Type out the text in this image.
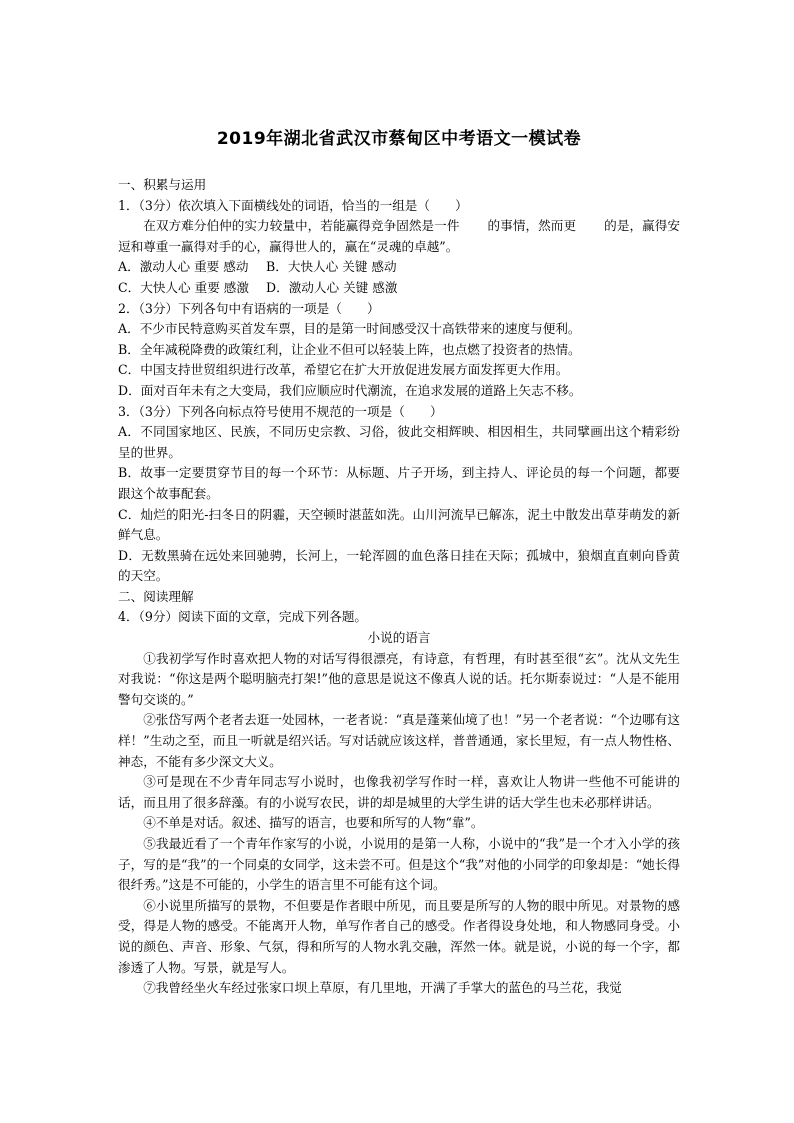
2019年湖北省武汉市蔡甸区中考语文一模试卷

一、积累与运用

1．（3分）依次填入下面横线处的词语，恰当的一组是（　　）

在双方难分伯仲的实力较量中，若能赢得竞争固然是一件 的事情，然而更 的是，赢得安逗和尊重一赢得对手的心，赢得世人的，赢在“灵魂的卓越”。

A．激动人心 重要 感动	B．大快人心 关键 感动

C．大快人心 重要 感激	D．激动人心 关键 感激

2．（3分）下列各句中有语病的一项是（　　）

A．不少市民特意购买首发车票，目的是第一时间感受汉十高铁带来的速度与便利。

B．全年减税降费的政策红利，让企业不但可以轻装上阵，也点燃了投资者的热情。

C．中国支持世贸组织进行改革，希望它在扩大开放促进发展方面发挥更大作用。

D．面对百年未有之大变局，我们应顺应时代潮流，在追求发展的道路上矢志不移。

3．（3分）下列各向标点符号使用不规范的一项是（　　）

A．不同国家地区、民族，不同历史宗教、习俗，彼此交相辉映、相因相生，共同擘画出这个精彩纷呈的世界。

B．故事一定要贯穿节目的每一个环节：从标题、片子开场，到主持人、评论员的每一个问题，都要跟这个故事配套。

C．灿烂的阳光-扫冬日的阴霾，天空顿时湛蓝如洗。山川河流早已解冻，泥土中散发出草芽萌发的新鲜气息。

D．无数黑骑在远处来回驰骋，长河上，一轮浑圆的血色落日挂在天际；孤城中，狼烟直直刺向昏黄的天空。

二、阅读理解

4．（9分）阅读下面的文章，完成下列各题。

小说的语言

①我初学写作时喜欢把人物的对话写得很漂亮，有诗意，有哲理，有时甚至很“玄”。沈从文先生对我说：“你这是两个聪明脑壳打架!”他的意思是说这不像真人说的话。托尔斯泰说过：“人是不能用警句交谈的。”

②张岱写两个老者去逛一处园林，一老者说：“真是蓬莱仙境了也！”另一个老者说：“个边哪有这样！”生动之至，而且一听就是绍兴话。写对话就应该这样，普普通通，家长里短，有一点人物性格、神态，不能有多少深文大义。

③可是现在不少青年同志写小说时，也像我初学写作时一样，喜欢让人物讲一些他不可能讲的话，而且用了很多辞藻。有的小说写农民，讲的却是城里的大学生讲的话大学生也未必那样讲话。

④不单是对话。叙述、描写的语言，也要和所写的人物“靠”。

⑤我最近看了一个青年作家写的小说，小说用的是第一人称，小说中的“我”是一个才入小学的孩子，写的是“我”的一个同桌的女同学，这未尝不可。但是这个“我”对他的小同学的印象却是：“她长得很纤秀。”这是不可能的，小学生的语言里不可能有这个词。

⑥小说里所描写的景物，不但要是作者眼中所见，而且要是所写的人物的眼中所见。对景物的感受，得是人物的感受。不能离开人物，单写作者自己的感受。作者得设身处地，和人物感同身受。小说的颜色、声音、形象、气氛，得和所写的人物水乳交融，浑然一体。就是说，小说的每一个字，都渗透了人物。写景，就是写人。

⑦我曾经坐火车经过张家口坝上草原，有几里地，开满了手掌大的蓝色的马兰花，我觉
